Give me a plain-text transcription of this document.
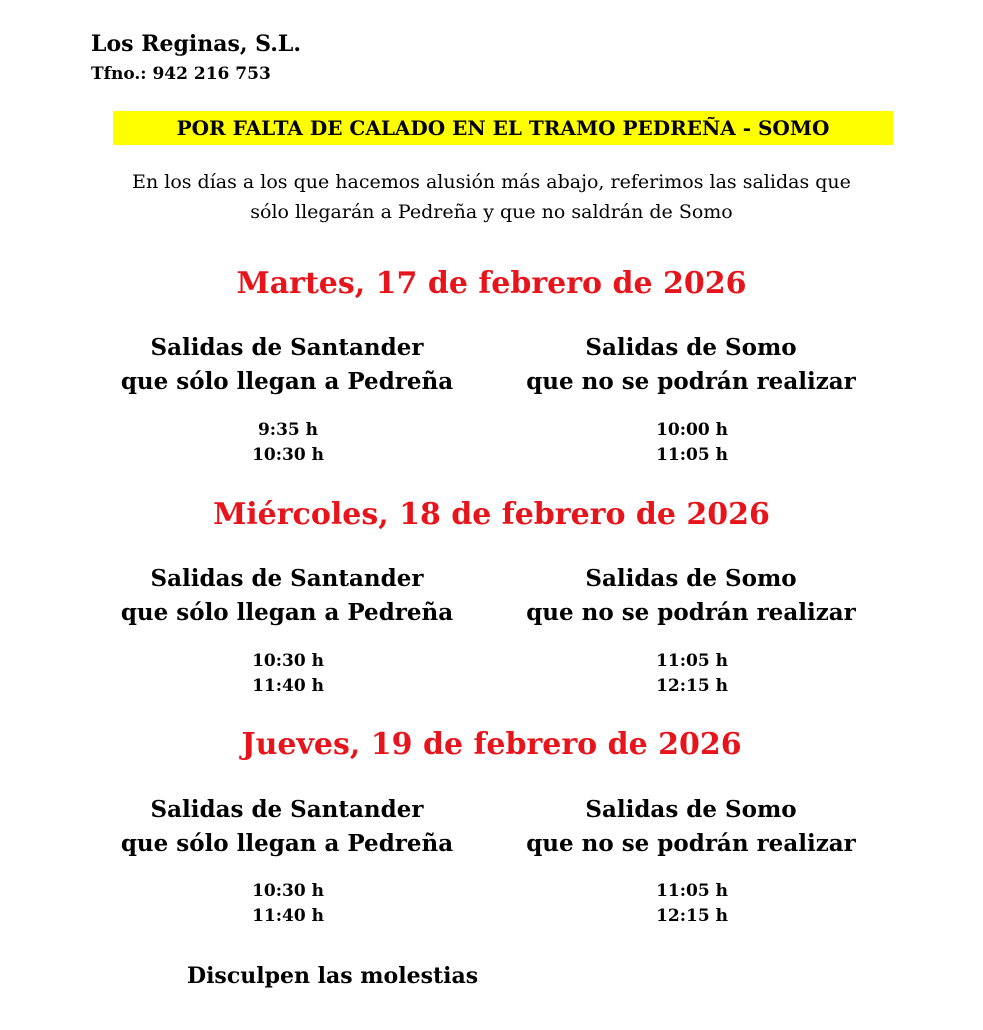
Los Reginas, S.L.
Tfno.: 942 216 753
POR FALTA DE CALADO EN EL TRAMO PEDREÑA - SOMO
En los días a los que hacemos alusión más abajo, referimos las salidas que
sólo llegarán a Pedreña y que no saldrán de Somo
Martes, 17 de febrero de 2026
Salidas de Santander
que sólo llegan a Pedreña
Salidas de Somo
que no se podrán realizar
9:35 h
10:30 h
10:00 h
11:05 h
Miércoles, 18 de febrero de 2026
Salidas de Santander
que sólo llegan a Pedreña
Salidas de Somo
que no se podrán realizar
10:30 h
11:40 h
11:05 h
12:15 h
Jueves, 19 de febrero de 2026
Salidas de Santander
que sólo llegan a Pedreña
Salidas de Somo
que no se podrán realizar
10:30 h
11:40 h
11:05 h
12:15 h
Disculpen las molestias
